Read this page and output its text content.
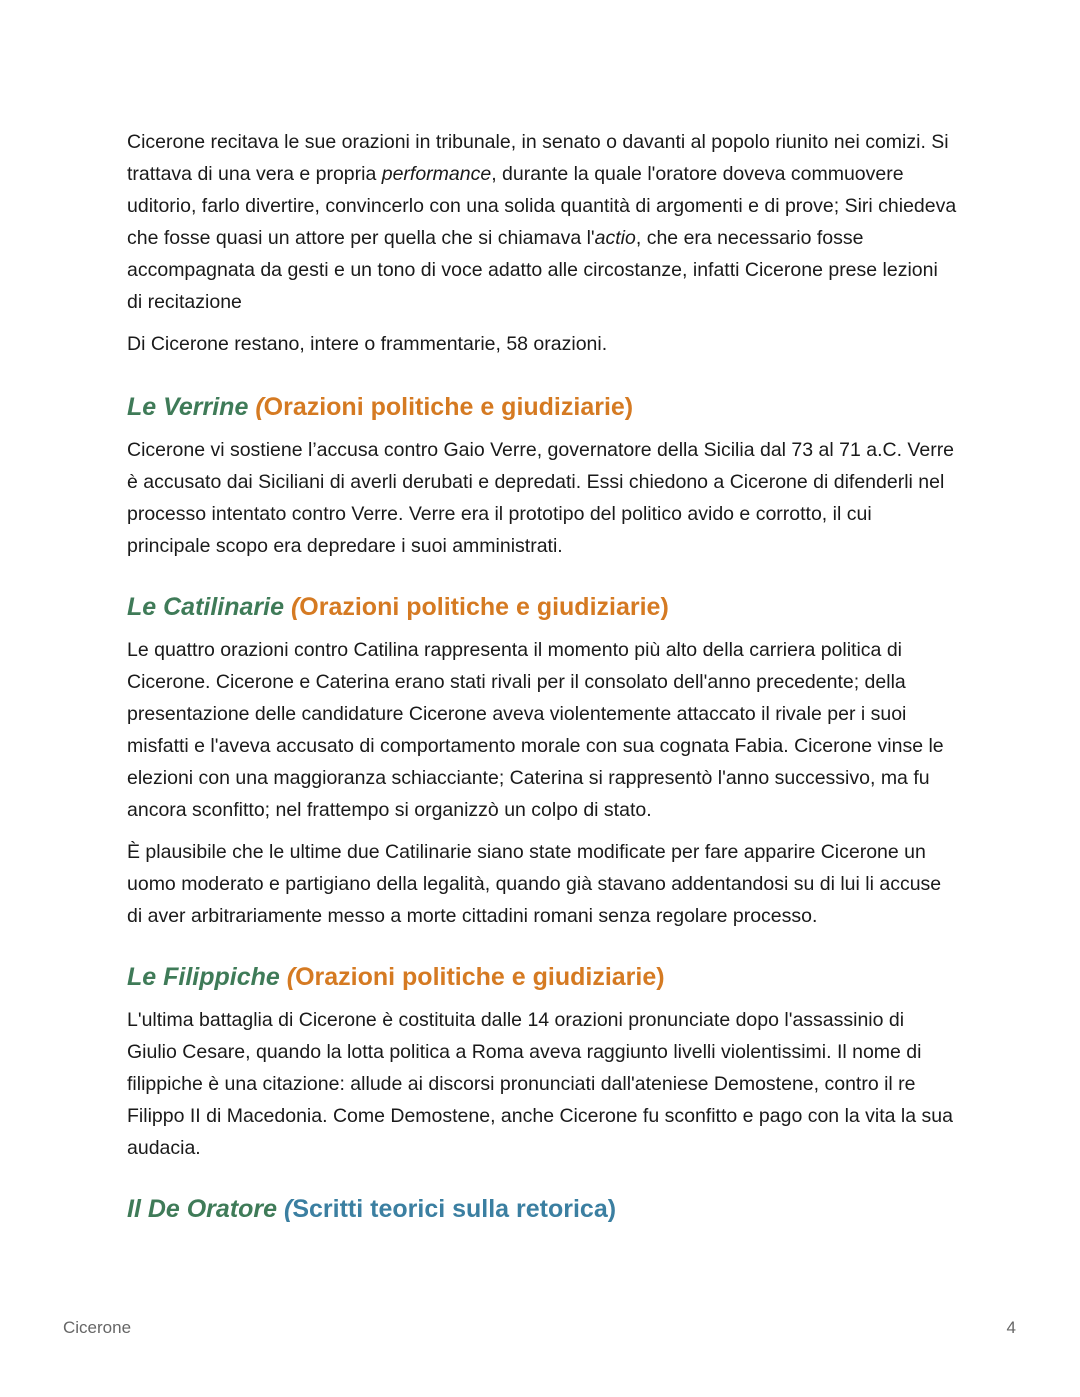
Cicerone recitava le sue orazioni in tribunale, in senato o davanti al popolo riunito nei comizi. Si trattava di una vera e propria performance, durante la quale l'oratore doveva commuovere uditorio, farlo divertire, convincerlo con una solida quantità di argomenti e di prove; Siri chiedeva che fosse quasi un attore per quella che si chiamava l'actio, che era necessario fosse accompagnata da gesti e un tono di voce adatto alle circostanze, infatti Cicerone prese lezioni di recitazione

Di Cicerone restano, intere o frammentarie, 58 orazioni.

Le Verrine (Orazioni politiche e giudiziarie)

Cicerone vi sostiene l’accusa contro Gaio Verre, governatore della Sicilia dal 73 al 71 a.C. Verre è accusato dai Siciliani di averli derubati e depredati. Essi chiedono a Cicerone di difenderli nel processo intentato contro Verre. Verre era il prototipo del politico avido e corrotto, il cui principale scopo era depredare i suoi amministrati.

Le Catilinarie (Orazioni politiche e giudiziarie)

Le quattro orazioni contro Catilina rappresenta il momento più alto della carriera politica di Cicerone. Cicerone e Caterina erano stati rivali per il consolato dell'anno precedente; della presentazione delle candidature Cicerone aveva violentemente attaccato il rivale per i suoi misfatti e l'aveva accusato di comportamento morale con sua cognata Fabia. Cicerone vinse le elezioni con una maggioranza schiacciante; Caterina si rappresentò l'anno successivo, ma fu ancora sconfitto; nel frattempo si organizzò un colpo di stato.

È plausibile che le ultime due Catilinarie siano state modificate per fare apparire Cicerone un uomo moderato e partigiano della legalità, quando già stavano addentandosi su di lui li accuse di aver arbitrariamente messo a morte cittadini romani senza regolare processo.

Le Filippiche (Orazioni politiche e giudiziarie)

L'ultima battaglia di Cicerone è costituita dalle 14 orazioni pronunciate dopo l'assassinio di Giulio Cesare, quando la lotta politica a Roma aveva raggiunto livelli violentissimi. Il nome di filippiche è una citazione: allude ai discorsi pronunciati dall'ateniese Demostene, contro il re Filippo II di Macedonia. Come Demostene, anche Cicerone fu sconfitto e pago con la vita la sua audacia.

Il De Oratore (Scritti teorici sulla retorica)
Cicerone	4
